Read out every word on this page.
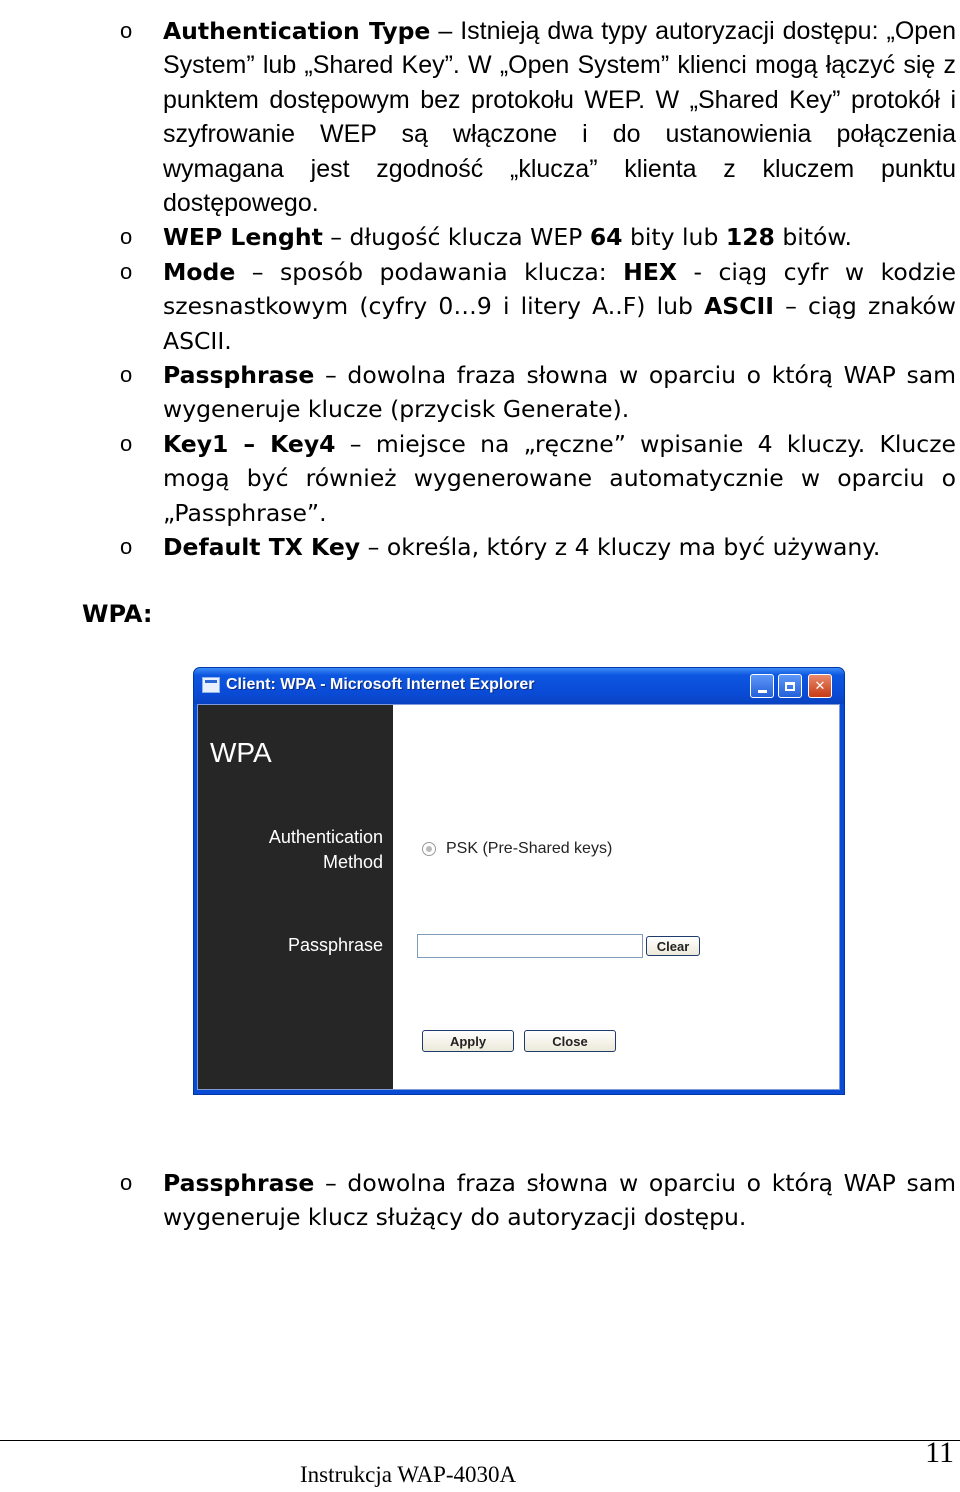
o Authentication Type – Istnieją dwa typy autoryzacji dostępu: „Open System” lub „Shared Key”. W „Open System” klienci mogą łączyć się z punktem dostępowym bez protokołu WEP. W „Shared Key” protokół i szyfrowanie WEP są włączone i do ustanowienia połączenia wymagana jest zgodność „klucza” klienta z kluczem punktu dostępowego.
o WEP Lenght – długość klucza WEP 64 bity lub 128 bitów.
o Mode – sposób podawania klucza: HEX - ciąg cyfr w kodzie szesnastkowym (cyfry 0…9 i litery A..F) lub ASCII – ciąg znaków ASCII.
o Passphrase – dowolna fraza słowna w oparciu o którą WAP sam wygeneruje klucze (przycisk Generate).
o Key1 – Key4 – miejsce na „ręczne” wpisanie 4 kluczy. Klucze mogą być również wygenerowane automatycznie w oparciu o „Passphrase”.
o Default TX Key – określa, który z 4 kluczy ma być używany.
WPA:
Client: WPA - Microsoft Internet Explorer	✕
WPA
Authentication
Method
Passphrase
PSK (Pre-Shared keys)
Clear
Apply	Close
o Passphrase – dowolna fraza słowna w oparciu o którą WAP sam wygeneruje klucz służący do autoryzacji dostępu.
Instrukcja WAP-4030A
11
